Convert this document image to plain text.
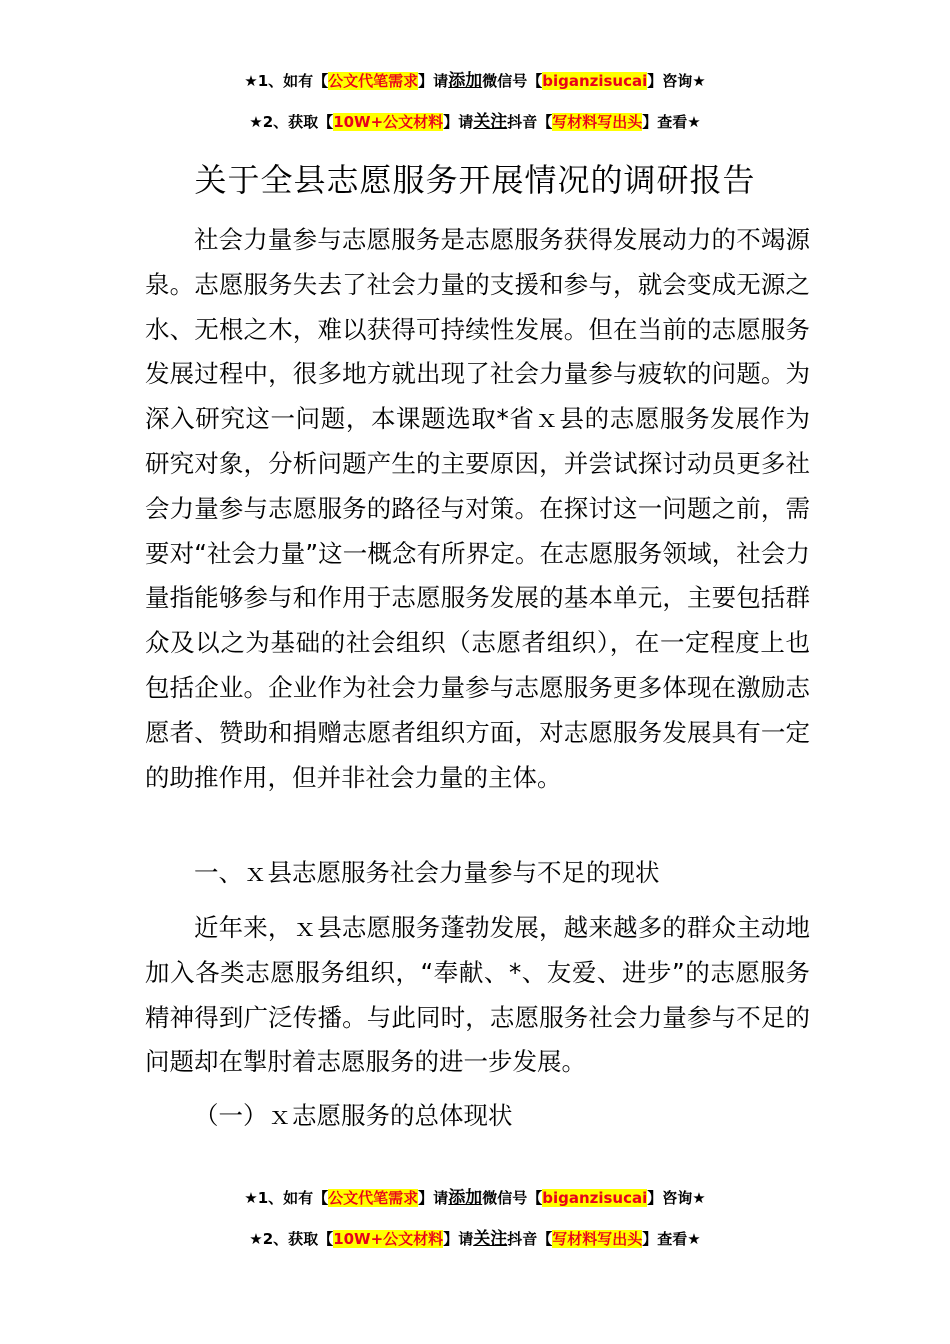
★1、如有【公文代笔需求】请添加微信号【biganzisucai】咨询★
★2、获取【10W+公文材料】请关注抖音【写材料写出头】查看★
关于全县志愿服务开展情况的调研报告

社会力量参与志愿服务是志愿服务获得发展动力的不竭源泉。志愿服务失去了社会力量的支援和参与，就会变成无源之水、无根之木，难以获得可持续性发展。但在当前的志愿服务发展过程中，很多地方就出现了社会力量参与疲软的问题。为深入研究这一问题，本课题选取*省ｘ县的志愿服务发展作为研究对象，分析问题产生的主要原因，并尝试探讨动员更多社会力量参与志愿服务的路径与对策。在探讨这一问题之前，需要对“社会力量”这一概念有所界定。在志愿服务领域，社会力量指能够参与和作用于志愿服务发展的基本单元，主要包括群众及以之为基础的社会组织（志愿者组织），在一定程度上也包括企业。企业作为社会力量参与志愿服务更多体现在激励志愿者、赞助和捐赠志愿者组织方面，对志愿服务发展具有一定的助推作用，但并非社会力量的主体。

一、ｘ县志愿服务社会力量参与不足的现状

近年来，ｘ县志愿服务蓬勃发展，越来越多的群众主动地加入各类志愿服务组织，“奉献、*、友爱、进步”的志愿服务精神得到广泛传播。与此同时，志愿服务社会力量参与不足的问题却在掣肘着志愿服务的进一步发展。

（一）ｘ志愿服务的总体现状

★1、如有【公文代笔需求】请添加微信号【biganzisucai】咨询★
★2、获取【10W+公文材料】请关注抖音【写材料写出头】查看★
